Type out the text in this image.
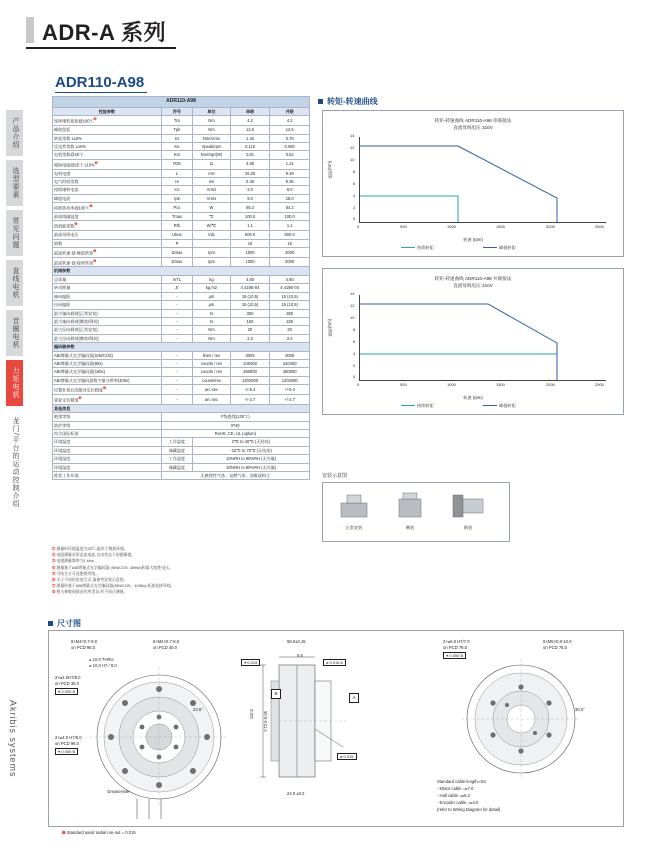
ADR-A 系列
产品介绍
选型要素
常见问题
直线电机
音圈电机
力矩电机
龙门/平台的运动控制介绍
Akribis systems
ADR110-A98
ADR110-A98				
性能参数	符号	单位	串联	并联
连续堵转扭矩@100℃$^➊$	Tcs	Nm	4.2	4.2
峰值扭矩	Tpk	Nm	12.6	12.6
转矩常数 ±10%	Kt	Nm/Arms	1.40	0.70
反电势常数 ±10%	Ke	Vpeak/rpm	0.119	0.060
电机常数@25℃	Km	Nm/Sqrt(W)	0.51	0.52
相间电阻@25℃ ±10%$^➊$	R25	Ω	4.90	1.21
电机电感	L	mH	26.26	6.49
电气时间常数	τe	ms	5.36	5.36
持续堵转电流	Ics	Arms	3.0	6.0
峰值电流	Ipk	Arms	9.0	18.0
持续热功率@100℃$^➊$	Pcs	W	85.3	84.2
最高线圈温度	Tmax	℃	100.0	100.0
热机能常数$^➊$	Rth	W/℃	1.1	1.1
最高母线电压	Ubus	Vdc	600.0	600.0
极数	P		16	16
最高转速 @ 峰值转矩$^➊$	Ωmax	rpm	1000	2000
最高转速 @ 持续转矩$^➊$	Ωmax	rpm	1000	2000
机械参数				
总质量	mTL	kg	4.60	4.60
转动惯量	Jr	kg.m2	4.419E-04	4.419E-04
轴向偏距	-	μm	15 (10,5)	15 (10,5)
径向偏距	-	μm	15 (10,5)	15 (10,5)
最大轴向载荷(正常安装)	-	N	350	350
最大轴向载荷(侧装/倒装)	-	N	150	150
最大径向载荷(正常安装)	-	Nm	20	20
最大径向载荷(侧装/倒装)	-	Nm	2.2	2.2
编码器参数				
ABI增量式光学编码器(SIN/COS)	-	lines / rev	3005	3005
ABI增量式光学编码器(80x)	-	counts / rev	240400	240400
ABI增量式光学编码器(160x)	-	counts / rev	480800	480800
ABI增量式光学编码器数字量分辨率(400x)	-	counts/rev	1202000	1202000
设置补偿后的绝对定位精度$^➊$	-	arc sec	+/-5.4	+/-5.4
重复定位精度$^➊$	-	arc sec	+/-2.7	+/-2.7
其他信息				
绝缘等级	F级绝缘(130℃)			
防护等级	IP40			
符合国际标准	RoHS, CE, UL (option)			
环境温度	工作温度	0℃ to 40℃ (无结冰)		
环境温度	储藏温度	-15℃ to 70℃ (无结冰)		
环境湿度	工作温度	10%RH to 90%RH (无冷凝)		
环境湿度	储藏温度	10%RH to 90%RH (无冷凝)		
推荐工作环境	无腐蚀性气体、易燃气体、油雾或粉尘			
➀ 测量时环境温度为25℃,取决于散热环境。
➁ 电阻测量采用直流电流,自由状态下的测量值。
➂ 电感测量频率为1 kHz。
➃ 测量基于ABI增量式光学编码器 (SIN/COS, 4096x)和最大线性电压。
➄ 可结合方可选绝缘等级。
➅ 关于不同的安装方式,请参考安装示意图。
➆ 测量时基于ABI增量式光学编码器(SIN/COS、4096x),标准连接导线。
➇ 相关参数视情况有所差异,形不同计测值。
转矩-转速曲线
转矩-转速曲线 ADR110-A98 串联接法
直流母线电压 310V
转矩(Nm)
14
12
10
8
6
4
2
0
0	500	1000	1500	2000	2500
转速 (rpm)
持续转矩	峰值转矩
转矩-转速曲线 ADR110-A98 并联接法
直流母线电压 310V
转矩(Nm)
14
12
10
8
6
4
2
0
0	500	1000	1500	2000	2500
转速 (rpm)
持续转矩	峰值转矩
安装示意图
正常安装	侧装	倒装
尺寸图
8×M4×0.7-8.0
on PCD 96.0
6×M4×0.7-8.0
on PCD 40.0
⌀ 10.0 THRU
⌀ 10.0 H7 / 8.0
2×⌀4.0H7/8.0
on PCD 35.0
⌖ 0.030 B
2×⌀4.0 H7/8.0
on PCD 96.0
⌖ 0.050 B
23.5°
GreaseHole
98.0±0.15
5.5
⌀ 0.015 A
⌖ 0.015
110.0 ⌀72.0-0.05
B
A
⌀ 0.015
24.0 ±0.2
2×⌀5.0 H7/7.0
on PCD 78.0
⌖ 0.050 B
6×M5×0.8-10.0
on PCD 78.0
30.0°
Standard cable length=3m
- Motor cable =⌀7.0
- Hall cable =⌀5.2
- Encoder cable =⌀4.0
(refer to Wiring Diagram for detail)
➊ Standard axial/ radial run-out = 0.015
